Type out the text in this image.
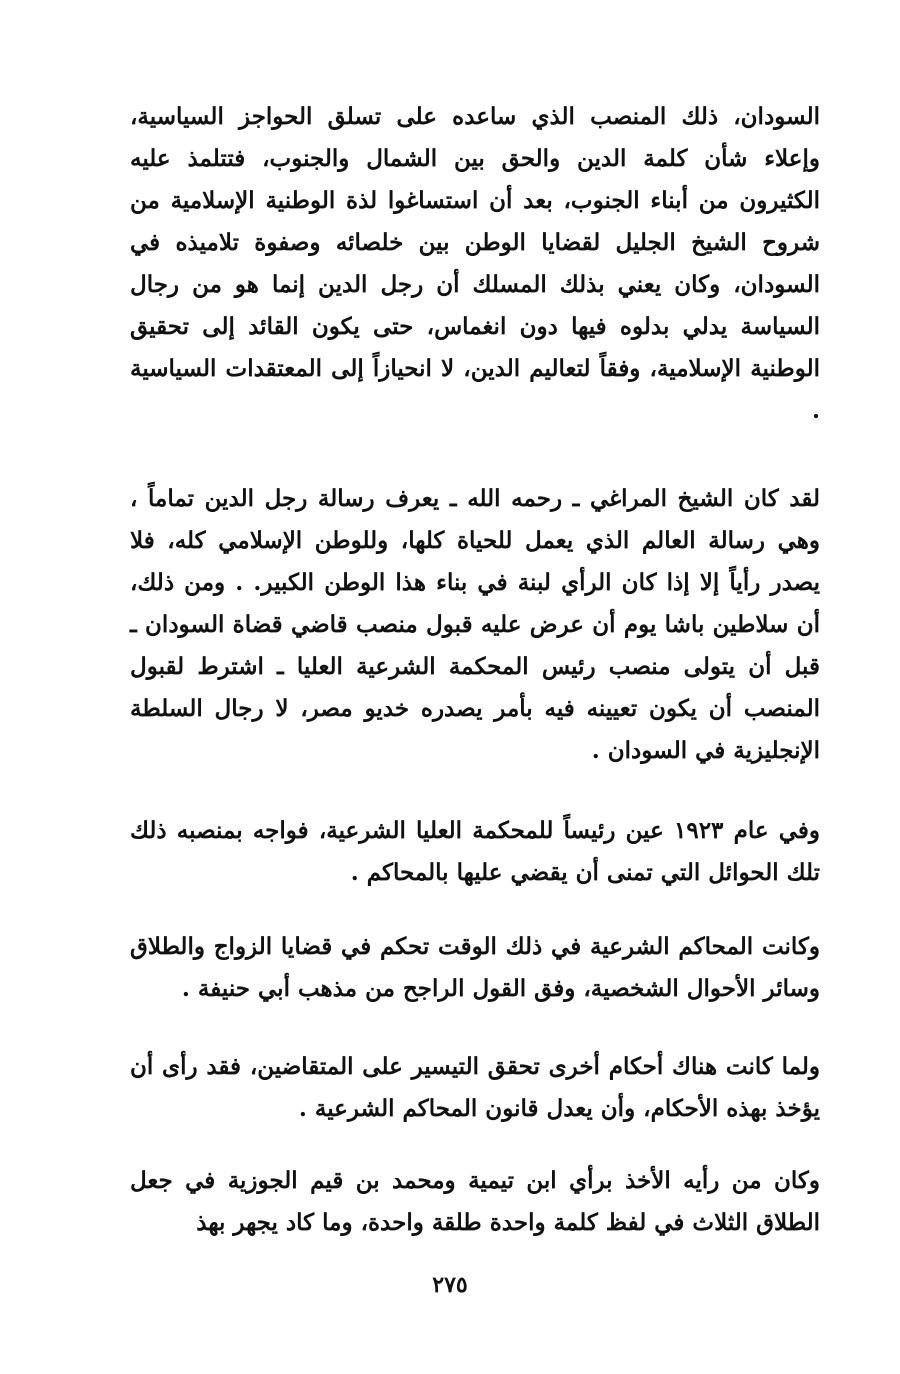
السودان، ذلك المنصب الذي ساعده على تسلق الحواجز السياسية، وإعلاء شأن كلمة الدين والحق بين الشمال والجنوب، فتتلمذ عليه الكثيرون من أبناء الجنوب، بعد أن استساغوا لذة الوطنية الإسلامية من شروح الشيخ الجليل لقضايا الوطن بين خلصائه وصفوة تلاميذه في السودان، وكان يعني بذلك المسلك أن رجل الدين إنما هو من رجال السياسة يدلي بدلوه فيها دون انغماس، حتى يكون القائد إلى تحقيق الوطنية الإسلامية، وفقاً لتعاليم الدين، لا انحيازاً إلى المعتقدات السياسية .

لقد كان الشيخ المراغي ـ رحمه الله ـ يعرف رسالة رجل الدين تماماً ، وهي رسالة العالم الذي يعمل للحياة كلها، وللوطن الإسلامي كله، فلا يصدر رأياً إلا إذا كان الرأي لبنة في بناء هذا الوطن الكبير. . ومن ذلك، أن سلاطين باشا يوم أن عرض عليه قبول منصب قاضي قضاة السودان ـ قبل أن يتولى منصب رئيس المحكمة الشرعية العليا ـ اشترط لقبول المنصب أن يكون تعيينه فيه بأمر يصدره خديو مصر، لا رجال السلطة الإنجليزية في السودان .

وفي عام ١٩٢٣ عين رئيساً للمحكمة العليا الشرعية، فواجه بمنصبه ذلك تلك الحوائل التي تمنى أن يقضي عليها بالمحاكم .

وكانت المحاكم الشرعية في ذلك الوقت تحكم في قضايا الزواج والطلاق وسائر الأحوال الشخصية، وفق القول الراجح من مذهب أبي حنيفة .

ولما كانت هناك أحكام أخرى تحقق التيسير على المتقاضين، فقد رأى أن يؤخذ بهذه الأحكام، وأن يعدل قانون المحاكم الشرعية .

وكان من رأيه الأخذ برأي ابن تيمية ومحمد بن قيم الجوزية في جعل الطلاق الثلاث في لفظ كلمة واحدة طلقة واحدة، وما كاد يجهر بهذ

٢٧٥
